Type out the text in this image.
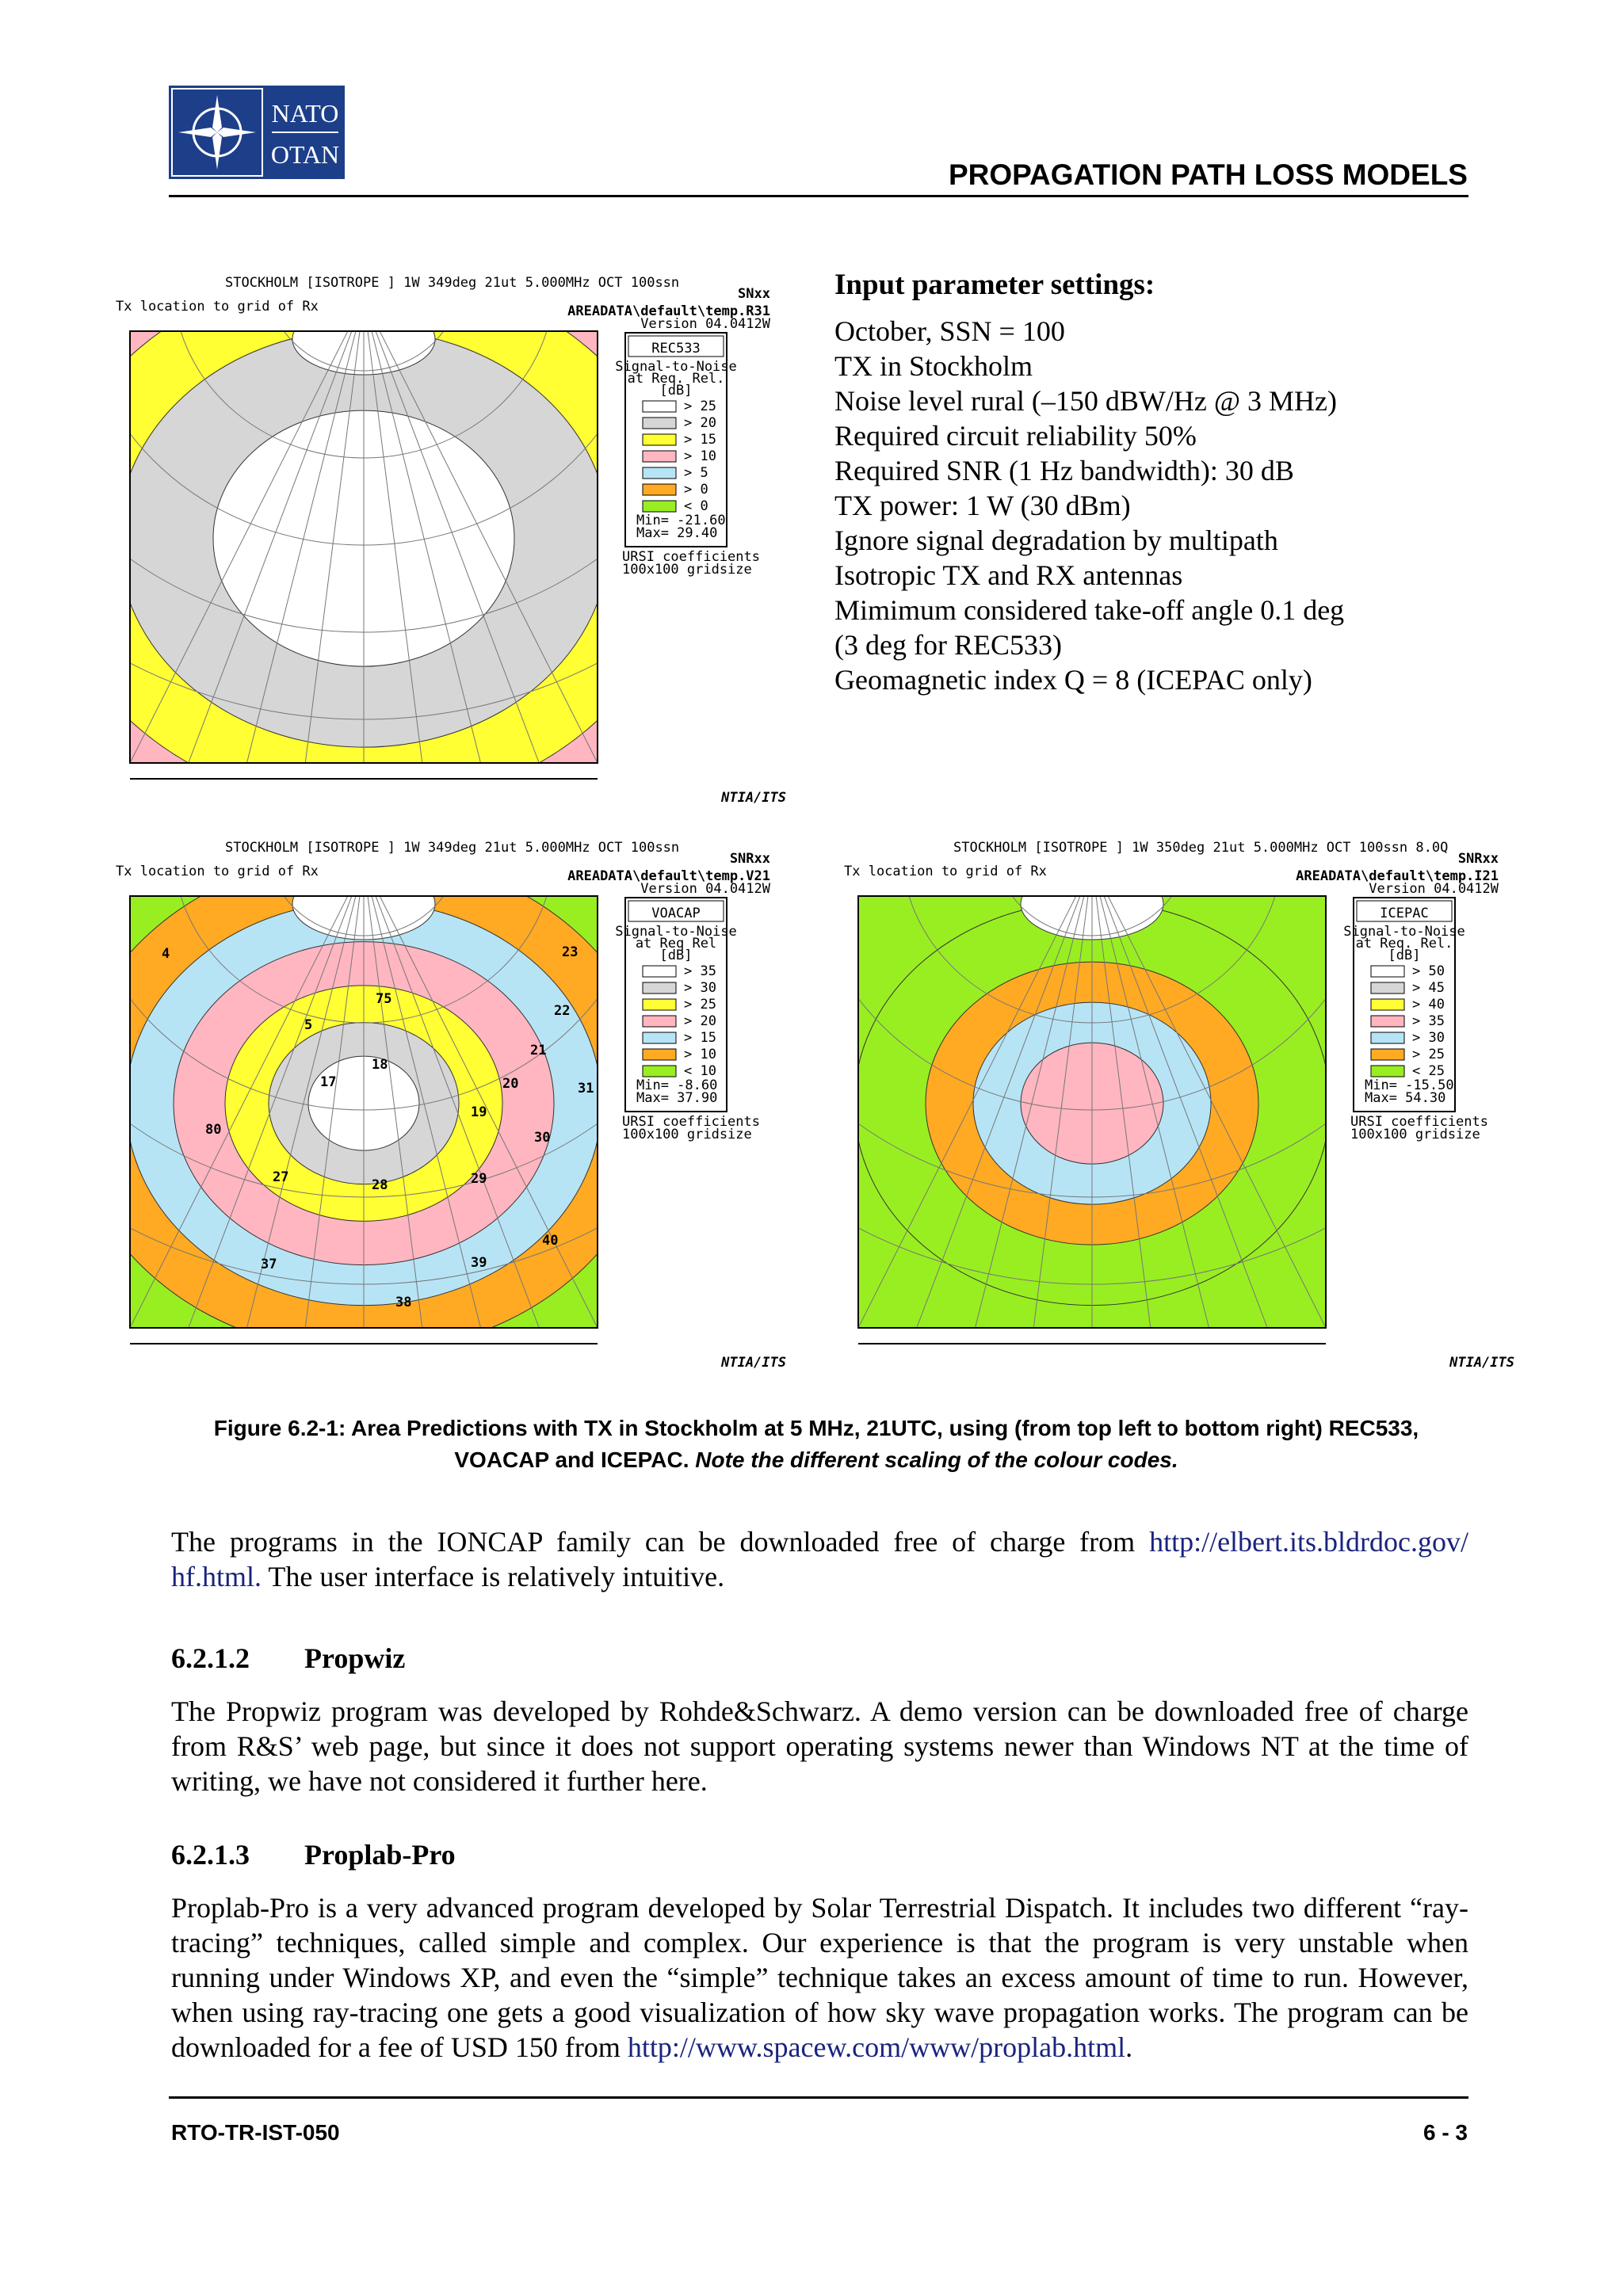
NATO
OTAN
PROPAGATION PATH LOSS MODELS
STOCKHOLM [ISOTROPE ] 1W 349deg 21ut 5.000MHz OCT 100ssn
Tx location to grid of Rx
SNxx
AREADATA\default\temp.R31
Version 04.0412W
REC533
Signal-to-Noise
at Req. Rel.
[dB]
> 25
> 20
> 15
> 10
> 5
> 0
< 0
Min= -21.60
Max= 29.40
URSI coefficients
100x100 gridsize
NTIA/ITS
STOCKHOLM [ISOTROPE ] 1W 349deg 21ut 5.000MHz OCT 100ssn
Tx location to grid of Rx
SNRxx
AREADATA\default\temp.V21
Version 04.0412W
VOACAP
Signal-to-Noise
at Req Rel
[dB]
> 35
> 30
> 25
> 20
> 15
> 10
< 10
Min= -8.60
Max= 37.90
URSI coefficients
100x100 gridsize
NTIA/ITS
4	23
75
22
5
21
18
17	20	31
19
80	30
27	28	29
40
37	39
38
STOCKHOLM [ISOTROPE ] 1W 350deg 21ut 5.000MHz OCT 100ssn 8.0Q
Tx location to grid of Rx
SNRxx
AREADATA\default\temp.I21
Version 04.0412W
ICEPAC
Signal-to-Noise
at Req. Rel.
[dB]
> 50
> 45
> 40
> 35
> 30
> 25
< 25
Min= -15.50
Max= 54.30
URSI coefficients
100x100 gridsize
NTIA/ITS
Input parameter settings:
October, SSN = 100
TX in Stockholm
Noise level rural (–150 dBW/Hz @ 3 MHz)
Required circuit reliability 50%
Required SNR (1 Hz bandwidth): 30 dB
TX power: 1 W (30 dBm)
Ignore signal degradation by multipath
Isotropic TX and RX antennas
Mimimum considered take-off angle 0.1 deg
(3 deg for REC533)
Geomagnetic index Q = 8 (ICEPAC only)
Figure 6.2-1: Area Predictions with TX in Stockholm at 5 MHz, 21UTC, using (from top left to bottom right) REC533, VOACAP and ICEPAC. Note the different scaling of the colour codes.
The programs in the IONCAP family can be downloaded free of charge from http://elbert.its.bldrdoc.gov/ hf.html. The user interface is relatively intuitive.
6.2.1.2 Propwiz
The Propwiz program was developed by Rohde&Schwarz. A demo version can be downloaded free of charge from R&S’ web page, but since it does not support operating systems newer than Windows NT at the time of writing, we have not considered it further here.
6.2.1.3 Proplab-Pro
Proplab-Pro is a very advanced program developed by Solar Terrestrial Dispatch. It includes two different “ray-tracing” techniques, called simple and complex. Our experience is that the program is very unstable when running under Windows XP, and even the “simple” technique takes an excess amount of time to run. However, when using ray-tracing one gets a good visualization of how sky wave propagation works. The program can be downloaded for a fee of USD 150 from http://www.spacew.com/www/proplab.html.
RTO-TR-IST-050	6 - 3
